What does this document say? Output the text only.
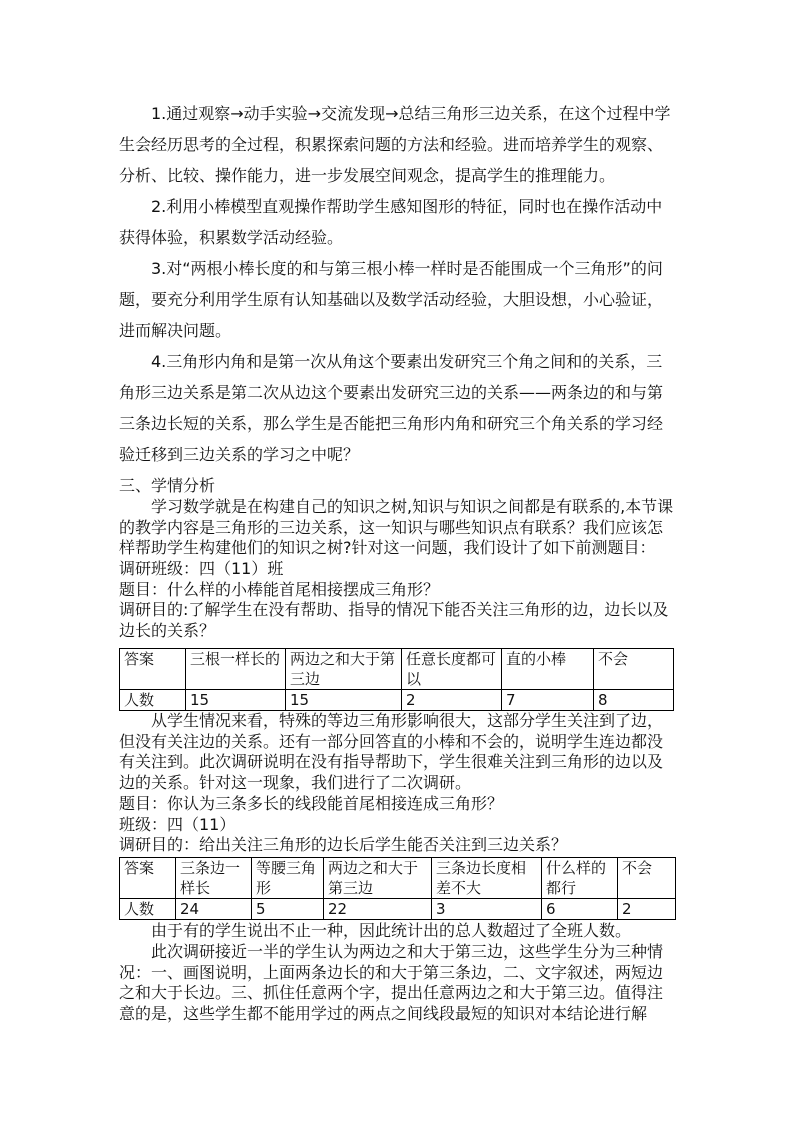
1.通过观察→动手实验→交流发现→总结三角形三边关系，在这个过程中学生会经历思考的全过程，积累探索问题的方法和经验。进而培养学生的观察、分析、比较、操作能力，进一步发展空间观念，提高学生的推理能力。

2.利用小棒模型直观操作帮助学生感知图形的特征，同时也在操作活动中获得体验，积累数学活动经验。

3.对“两根小棒长度的和与第三根小棒一样时是否能围成一个三角形”的问题，要充分利用学生原有认知基础以及数学活动经验，大胆设想，小心验证，进而解决问题。

4.三角形内角和是第一次从角这个要素出发研究三个角之间和的关系，三角形三边关系是第二次从边这个要素出发研究三边的关系——两条边的和与第三条边长短的关系，那么学生是否能把三角形内角和研究三个角关系的学习经验迁移到三边关系的学习之中呢？

三、学情分析

学习数学就是在构建自己的知识之树,知识与知识之间都是有联系的,本节课的教学内容是三角形的三边关系，这一知识与哪些知识点有联系？我们应该怎样帮助学生构建他们的知识之树?针对这一问题，我们设计了如下前测题目：

调研班级：四（11）班

题目：什么样的小棒能首尾相接摆成三角形？

调研目的:了解学生在没有帮助、指导的情况下能否关注三角形的边，边长以及边长的关系？

答案	三根一样长的	两边之和大于第三边	任意长度都可以	直的小棒	不会
人数	15	15	2	7	8

从学生情况来看，特殊的等边三角形影响很大，这部分学生关注到了边，但没有关注边的关系。还有一部分回答直的小棒和不会的，说明学生连边都没有关注到。此次调研说明在没有指导帮助下，学生很难关注到三角形的边以及边的关系。针对这一现象，我们进行了二次调研。

题目：你认为三条多长的线段能首尾相接连成三角形？

班级：四（11）

调研目的：给出关注三角形的边长后学生能否关注到三边关系？

答案	三条边一样长	等腰三角形	两边之和大于第三边	三条边长度相差不大	什么样的都行	不会
人数	24	5	22	3	6	2

由于有的学生说出不止一种，因此统计出的总人数超过了全班人数。

此次调研接近一半的学生认为两边之和大于第三边，这些学生分为三种情况：一、画图说明，上面两条边长的和大于第三条边，二、文字叙述，两短边之和大于长边。三、抓住任意两个字，提出任意两边之和大于第三边。值得注意的是，这些学生都不能用学过的两点之间线段最短的知识对本结论进行解
